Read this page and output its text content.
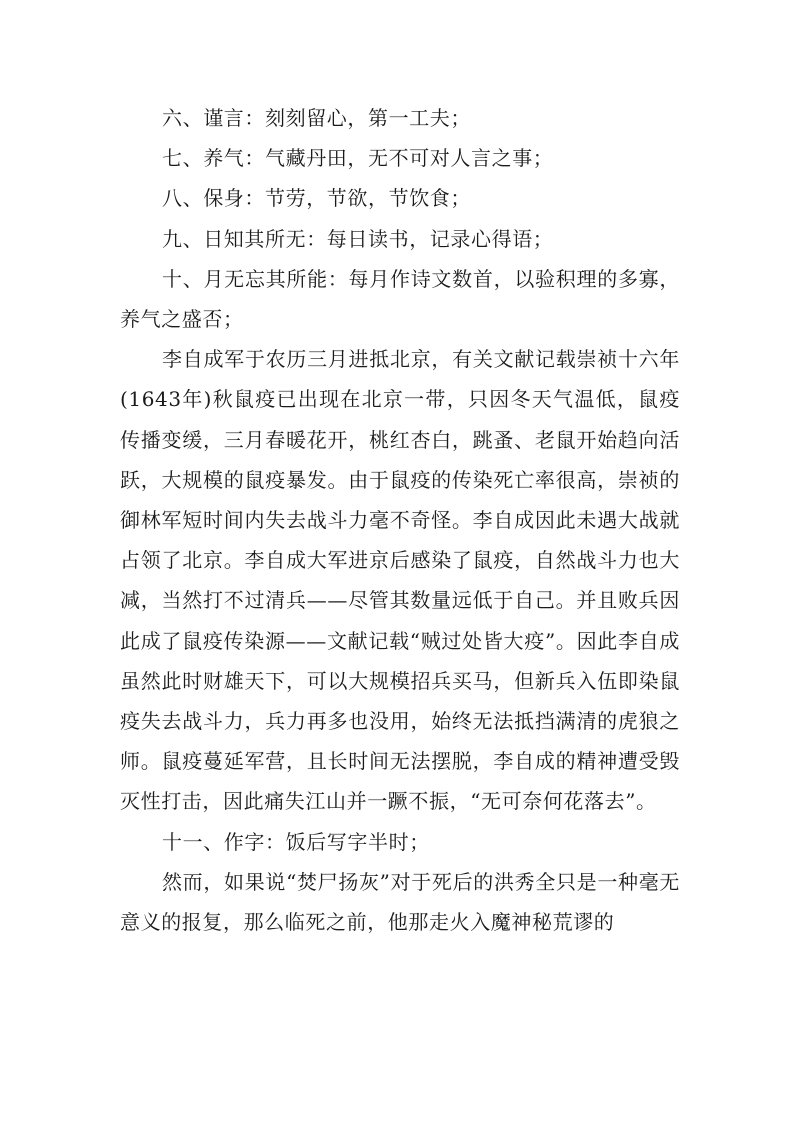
六、谨言：刻刻留心，第一工夫；

七、养气：气藏丹田，无不可对人言之事；

八、保身：节劳，节欲，节饮食；

九、日知其所无：每日读书，记录心得语；

十、月无忘其所能：每月作诗文数首，以验积理的多寡，养气之盛否；

李自成军于农历三月进抵北京，有关文献记载崇祯十六年(1643年)秋鼠疫已出现在北京一带，只因冬天气温低，鼠疫传播变缓，三月春暖花开，桃红杏白，跳蚤、老鼠开始趋向活跃，大规模的鼠疫暴发。由于鼠疫的传染死亡率很高，崇祯的御林军短时间内失去战斗力毫不奇怪。李自成因此未遇大战就占领了北京。李自成大军进京后感染了鼠疫，自然战斗力也大减，当然打不过清兵——尽管其数量远低于自己。并且败兵因此成了鼠疫传染源——文献记载“贼过处皆大疫”。因此李自成虽然此时财雄天下，可以大规模招兵买马，但新兵入伍即染鼠疫失去战斗力，兵力再多也没用，始终无法抵挡满清的虎狼之师。鼠疫蔓延军营，且长时间无法摆脱，李自成的精神遭受毁灭性打击，因此痛失江山并一蹶不振，“无可奈何花落去”。

十一、作字：饭后写字半时；

然而，如果说“焚尸扬灰”对于死后的洪秀全只是一种毫无意义的报复，那么临死之前，他那走火入魔神秘荒谬的
